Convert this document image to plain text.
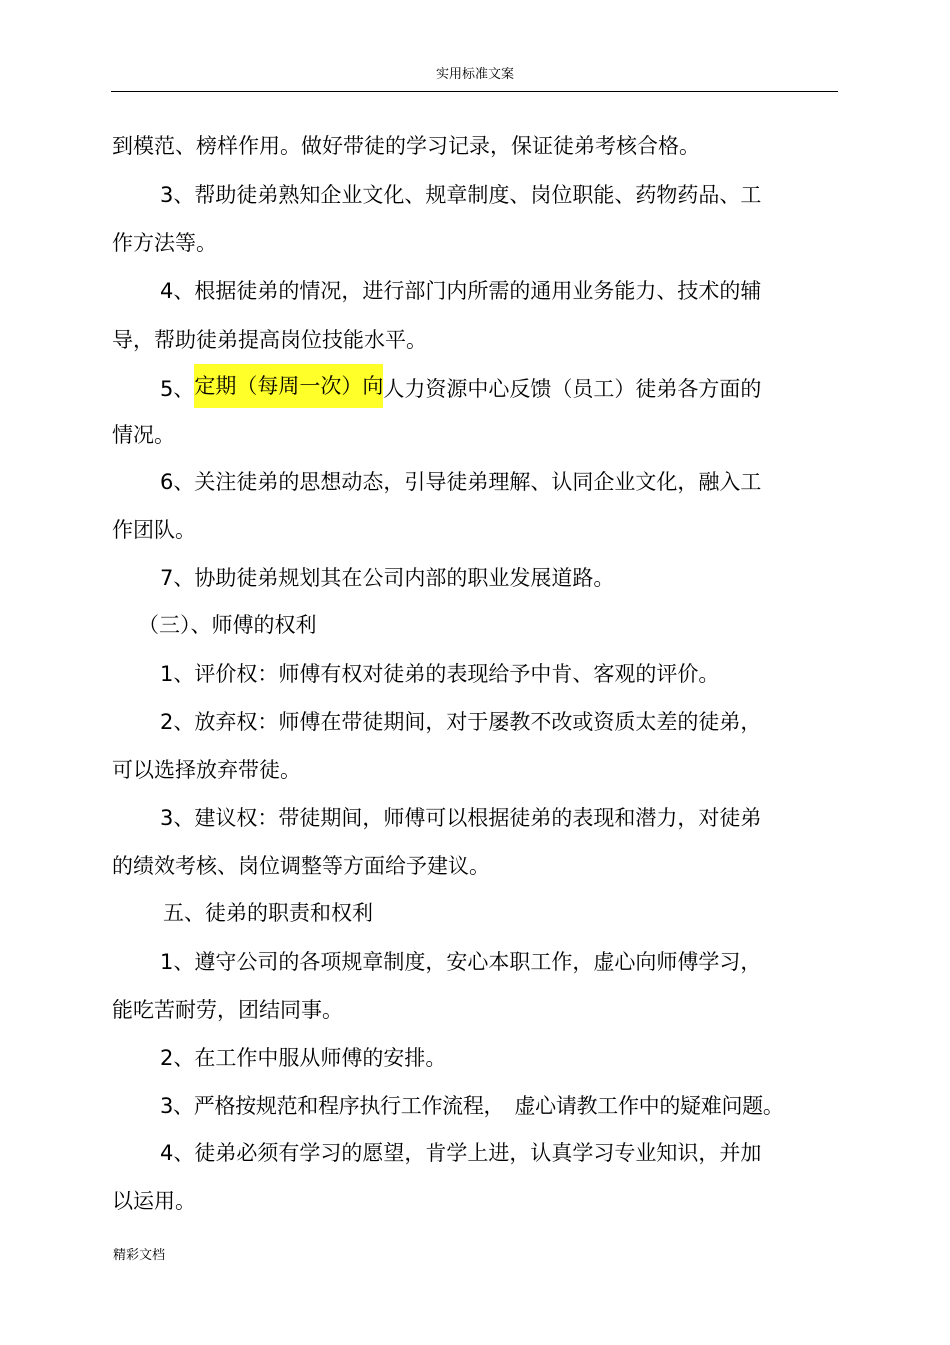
实用标准文案
到模范、榜样作用。做好带徒的学习记录，保证徒弟考核合格。
3、帮助徒弟熟知企业文化、规章制度、岗位职能、药物药品、工
作方法等。
4、根据徒弟的情况，进行部门内所需的通用业务能力、技术的辅
导，帮助徒弟提高岗位技能水平。
5、定期（每周一次）向人力资源中心反馈（员工）徒弟各方面的
情况。
6、关注徒弟的思想动态，引导徒弟理解、认同企业文化，融入工
作团队。
7、协助徒弟规划其在公司内部的职业发展道路。
（三）、师傅的权利
1、评价权：师傅有权对徒弟的表现给予中肯、客观的评价。
2、放弃权：师傅在带徒期间，对于屡教不改或资质太差的徒弟，
可以选择放弃带徒。
3、建议权：带徒期间，师傅可以根据徒弟的表现和潜力，对徒弟
的绩效考核、岗位调整等方面给予建议。
五、徒弟的职责和权利
1、遵守公司的各项规章制度，安心本职工作，虚心向师傅学习，
能吃苦耐劳，团结同事。
2、在工作中服从师傅的安排。
3、严格按规范和程序执行工作流程，　虚心请教工作中的疑难问题。
4、徒弟必须有学习的愿望，肯学上进，认真学习专业知识，并加
以运用。
精彩文档
